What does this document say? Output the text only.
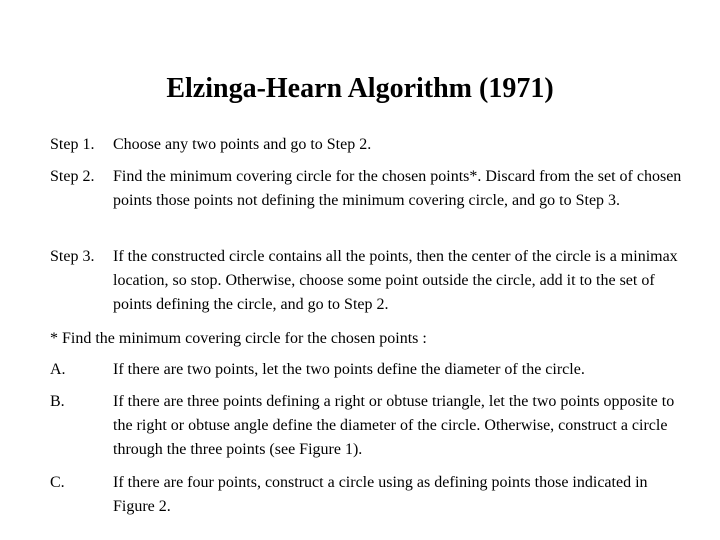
Elzinga-Hearn Algorithm (1971)
Step 1.	Choose any two points and go to Step 2.
Step 2.	Find the minimum covering circle for the chosen points*. Discard from the set of chosen points those points not defining the minimum covering circle, and go to Step 3.
Step 3.	If the constructed circle contains all the points, then the center of the circle is a minimax location, so stop. Otherwise, choose some point outside the circle, add it to the set of points defining the circle, and go to Step 2.
* Find the minimum covering circle for the chosen points :
A.	If there are two points, let the two points define the diameter of the circle.
B.	If there are three points defining a right or obtuse triangle, let the two points opposite to the right or obtuse angle define the diameter of the circle. Otherwise, construct a circle through the three points (see Figure 1).
C.	If there are four points, construct a circle using as defining points those indicated in Figure 2.
